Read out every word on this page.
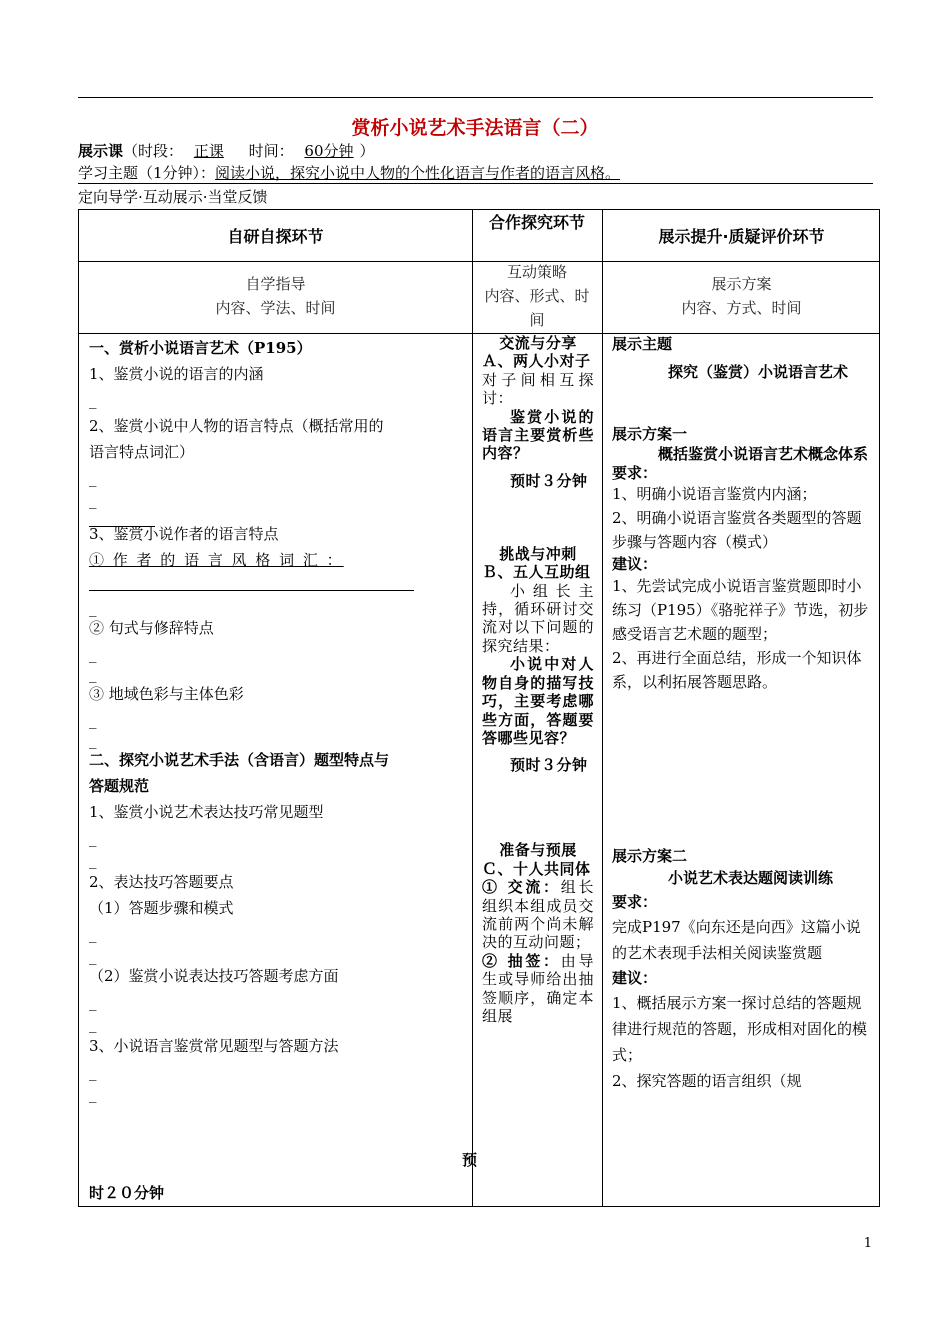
赏析小说艺术手法语言（二）
展示课（时段： 正课 时间： 60分钟 ）
学习主题（1分钟）：阅读小说，探究小说中人物的个性化语言与作者的语言风格。
定向导学·互动展示·当堂反馈
自研自探环节
合作探究环节
展示提升·质疑评价环节
自学指导
内容、学法、时间
互动策略
内容、形式、时
间
展示方案
内容、方式、时间

一、赏析小说语言艺术（P195）

1、鉴赏小说的语言的内涵

_

2、鉴赏小说中人物的语言特点（概括常用的

语言特点词汇）

_

_

3、鉴赏小说作者的语言特点

① 作 者 的 语 言 风 格 词 汇 ：

_

② 句式与修辞特点

_

_

③ 地域色彩与主体色彩

_

_

二、探究小说艺术手法（含语言）题型特点与

答题规范

1、鉴赏小说艺术表达技巧常见题型

_

_

2、表达技巧答题要点

（1）答题步骤和模式

_

_

（2）鉴赏小说表达技巧答题考虑方面

_

_

3、小说语言鉴赏常见题型与答题方法

_

_

预
时２０分钟

交流与分享

Ａ、两人小对子

对子间相互探讨：

鉴赏小说的语言主要赏析些内容？

预时３分钟

挑战与冲刺

Ｂ、五人互助组

小组长主持，循环研讨交流对以下问题的探究结果：

小说中对人物自身的描写技巧，主要考虑哪些方面，答题要答哪些见容？

预时３分钟

准备与预展

Ｃ、十人共同体

① 交流：组长组织本组成员交流前两个尚未解决的互动问题；

② 抽签：由导生或导师给出抽签顺序，确定本组展

展示主题

探究（鉴赏）小说语言艺术

展示方案一

概括鉴赏小说语言艺术概念体系

要求：

1、明确小说语言鉴赏内内涵；

2、明确小说语言鉴赏各类题型的答题步骤与答题内容（模式）

建议：

1、先尝试完成小说语言鉴赏题即时小练习（P195）《骆驼祥子》节选，初步感受语言艺术题的题型；

2、再进行全面总结，形成一个知识体系，以利拓展答题思路。

展示方案二

小说艺术表达题阅读训练

要求：

完成P197《向东还是向西》这篇小说的艺术表现手法相关阅读鉴赏题

建议：

1、概括展示方案一探讨总结的答题规律进行规范的答题，形成相对固化的模式；

2、探究答题的语言组织（规

1
